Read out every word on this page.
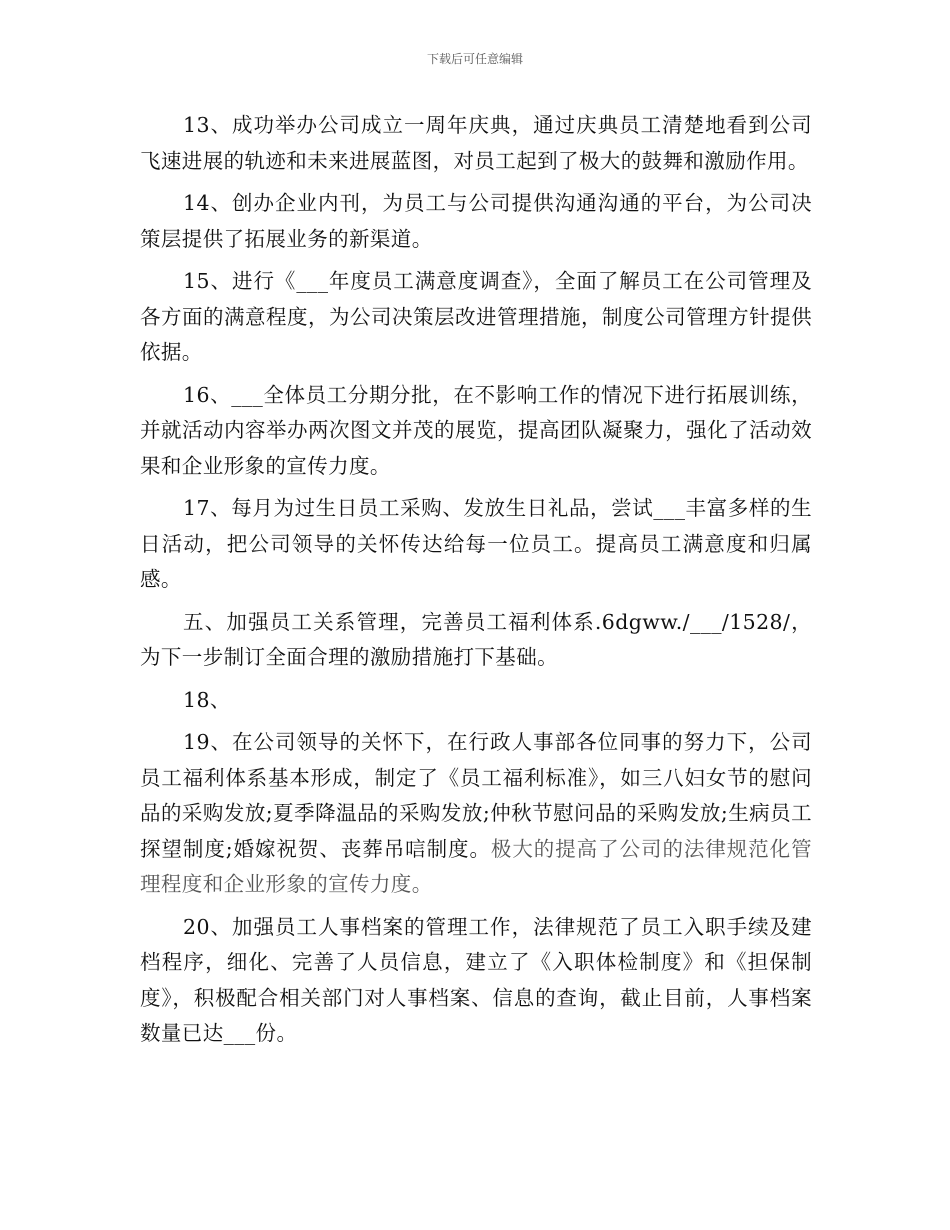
下载后可任意编辑

13、成功举办公司成立一周年庆典，通过庆典员工清楚地看到公司飞速进展的轨迹和未来进展蓝图，对员工起到了极大的鼓舞和激励作用。

14、创办企业内刊，为员工与公司提供沟通沟通的平台，为公司决策层提供了拓展业务的新渠道。

15、进行《___年度员工满意度调查》，全面了解员工在公司管理及各方面的满意程度，为公司决策层改进管理措施，制度公司管理方针提供依据。

16、___全体员工分期分批，在不影响工作的情况下进行拓展训练，并就活动内容举办两次图文并茂的展览，提高团队凝聚力，强化了活动效果和企业形象的宣传力度。

17、每月为过生日员工采购、发放生日礼品，尝试___丰富多样的生日活动，把公司领导的关怀传达给每一位员工。提高员工满意度和归属感。

五、加强员工关系管理，完善员工福利体系.6dgww./___/1528/，为下一步制订全面合理的激励措施打下基础。

18、

19、在公司领导的关怀下，在行政人事部各位同事的努力下，公司员工福利体系基本形成，制定了《员工福利标准》，如三八妇女节的慰问品的采购发放;夏季降温品的采购发放;仲秋节慰问品的采购发放;生病员工探望制度;婚嫁祝贺、丧葬吊唁制度。极大的提高了公司的法律规范化管理程度和企业形象的宣传力度。

20、加强员工人事档案的管理工作，法律规范了员工入职手续及建档程序，细化、完善了人员信息，建立了《入职体检制度》和《担保制度》，积极配合相关部门对人事档案、信息的查询，截止目前，人事档案数量已达___份。
